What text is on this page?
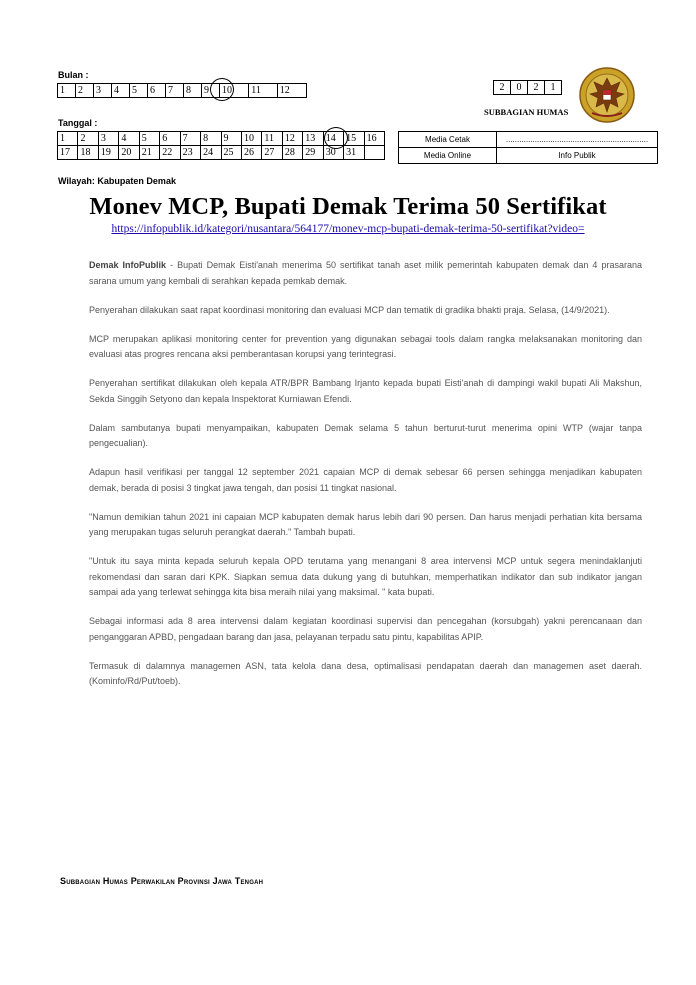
Bulan :
1	2	3	4	5	6	7	8	9	10	11	12	2	0	2	1
SUBBAGIAN HUMAS
Tanggal :
1	2	3	4	5	6	7	8	9	10	11	12	13	14	15	16
17	18	19	20	21	22	23	24	25	26	27	28	29	30	31	
Media Cetak	................................................................
Media Online	Info Publik
Wilayah: Kabupaten Demak
Monev MCP, Bupati Demak Terima 50 Sertifikat
https://infopublik.id/kategori/nusantara/564177/monev-mcp-bupati-demak-terima-50-sertifikat?video=

Demak InfoPublik - Bupati Demak Eisti'anah menerima 50 sertifikat tanah aset milik pemerintah kabupaten demak dan 4 prasarana sarana umum yang kembali di serahkan kepada pemkab demak.

Penyerahan dilakukan saat rapat koordinasi monitoring dan evaluasi MCP dan tematik di gradika bhakti praja. Selasa, (14/9/2021).

MCP merupakan aplikasi monitoring center for prevention yang digunakan sebagai tools dalam rangka melaksanakan monitoring dan evaluasi atas progres rencana aksi pemberantasan korupsi yang terintegrasi.

Penyerahan sertifikat dilakukan oleh kepala ATR/BPR Bambang Irjanto kepada bupati Eisti'anah di dampingi wakil bupati Ali Makshun, Sekda Singgih Setyono dan kepala Inspektorat Kurniawan Efendi.

Dalam sambutanya bupati menyampaikan, kabupaten Demak selama 5 tahun berturut-turut menerima opini WTP (wajar tanpa pengecualian).

Adapun hasil verifikasi per tanggal 12 september 2021 capaian MCP di demak sebesar 66 persen sehingga menjadikan kabupaten demak, berada di posisi 3 tingkat jawa tengah, dan posisi 11 tingkat nasional.

"Namun demikian tahun 2021 ini capaian MCP kabupaten demak harus lebih dari 90 persen. Dan harus menjadi perhatian kita bersama yang merupakan tugas seluruh perangkat daerah." Tambah bupati.

"Untuk itu saya minta kepada seluruh kepala OPD terutama yang menangani 8 area intervensi MCP untuk segera menindaklanjuti rekomendasi dan saran dari KPK. Siapkan semua data dukung yang di butuhkan, memperhatikan indikator dan sub indikator jangan sampai ada yang terlewat sehingga kita bisa meraih nilai yang maksimal. " kata bupati.

Sebagai informasi ada 8 area intervensi dalam kegiatan koordinasi supervisi dan pencegahan (korsubgah) yakni perencanaan dan penganggaran APBD, pengadaan barang dan jasa, pelayanan terpadu satu pintu, kapabilitas APIP.

Termasuk di dalamnya managemen ASN, tata kelola dana desa, optimalisasi pendapatan daerah dan managemen aset daerah. (Kominfo/Rd/Put/toeb).

Subbagian Humas Perwakilan Provinsi Jawa Tengah
